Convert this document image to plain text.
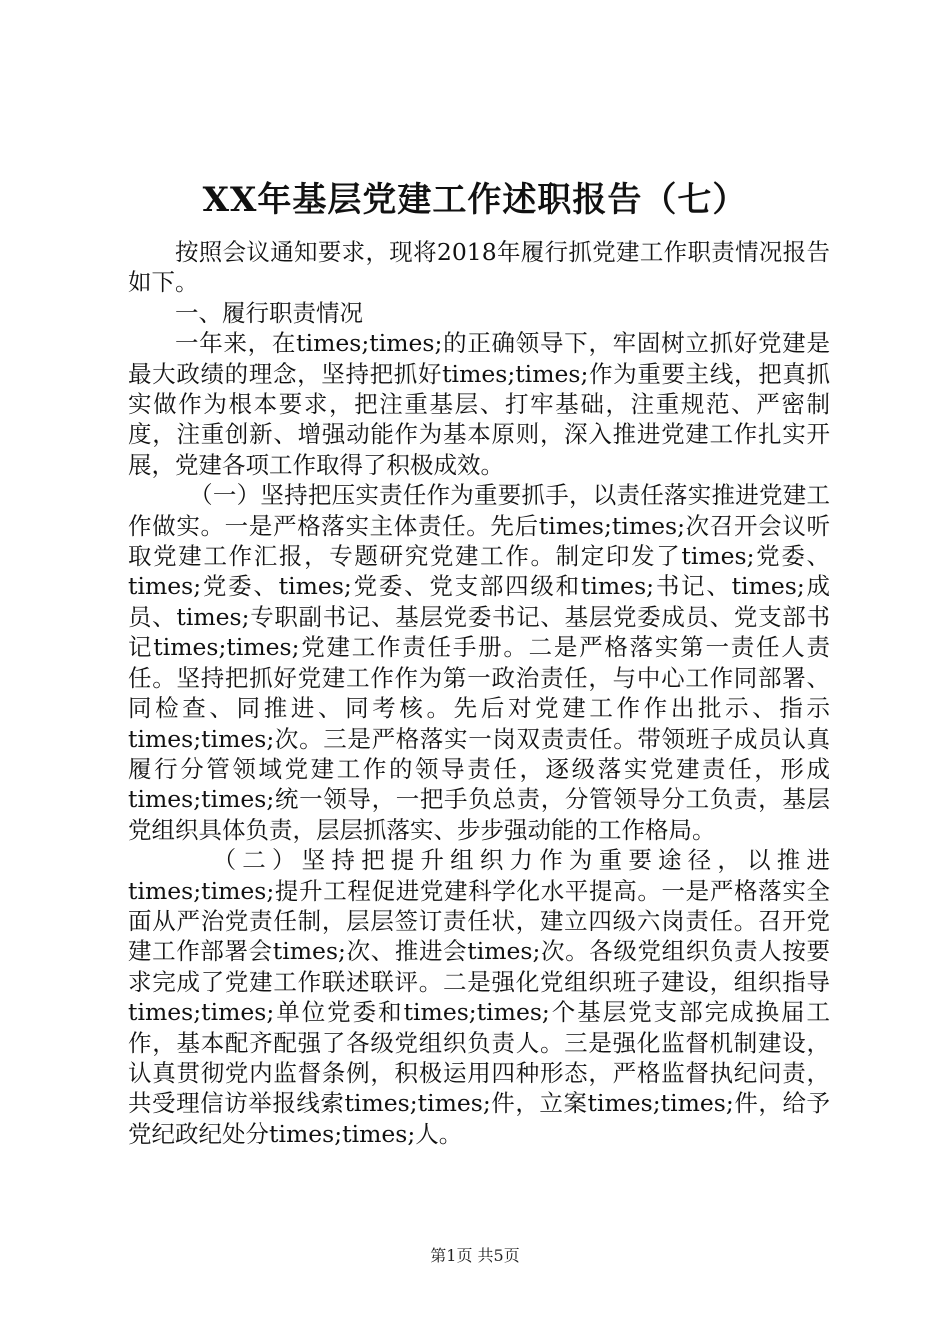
XX年基层党建工作述职报告（七）

按照会议通知要求，现将2018年履行抓党建工作职责情况报告如下。

一、履行职责情况

一年来，在times;times;的正确领导下，牢固树立抓好党建是最大政绩的理念，坚持把抓好times;times;作为重要主线，把真抓实做作为根本要求，把注重基层、打牢基础，注重规范、严密制度，注重创新、增强动能作为基本原则，深入推进党建工作扎实开展，党建各项工作取得了积极成效。

（一）坚持把压实责任作为重要抓手，以责任落实推进党建工作做实。一是严格落实主体责任。先后times;times;次召开会议听取党建工作汇报，专题研究党建工作。制定印发了times;党委、times;党委、times;党委、党支部四级和times;书记、times;成员、times;专职副书记、基层党委书记、基层党委成员、党支部书记times;times;党建工作责任手册。二是严格落实第一责任人责任。坚持把抓好党建工作作为第一政治责任，与中心工作同部署、同检查、同推进、同考核。先后对党建工作作出批示、指示times;times;次。三是严格落实一岗双责责任。带领班子成员认真履行分管领域党建工作的领导责任，逐级落实党建责任，形成times;times;统一领导，一把手负总责，分管领导分工负责，基层党组织具体负责，层层抓落实、步步强动能的工作格局。

（二）坚持把提升组织力作为重要途径，以推进times;times;提升工程促进党建科学化水平提高。一是严格落实全面从严治党责任制，层层签订责任状，建立四级六岗责任。召开党建工作部署会times;次、推进会times;次。各级党组织负责人按要求完成了党建工作联述联评。二是强化党组织班子建设，组织指导times;times;单位党委和times;times;个基层党支部完成换届工作，基本配齐配强了各级党组织负责人。三是强化监督机制建设，认真贯彻党内监督条例，积极运用四种形态，严格监督执纪问责，共受理信访举报线索times;times;件，立案times;times;件，给予党纪政纪处分times;times;人。

第1页 共5页
